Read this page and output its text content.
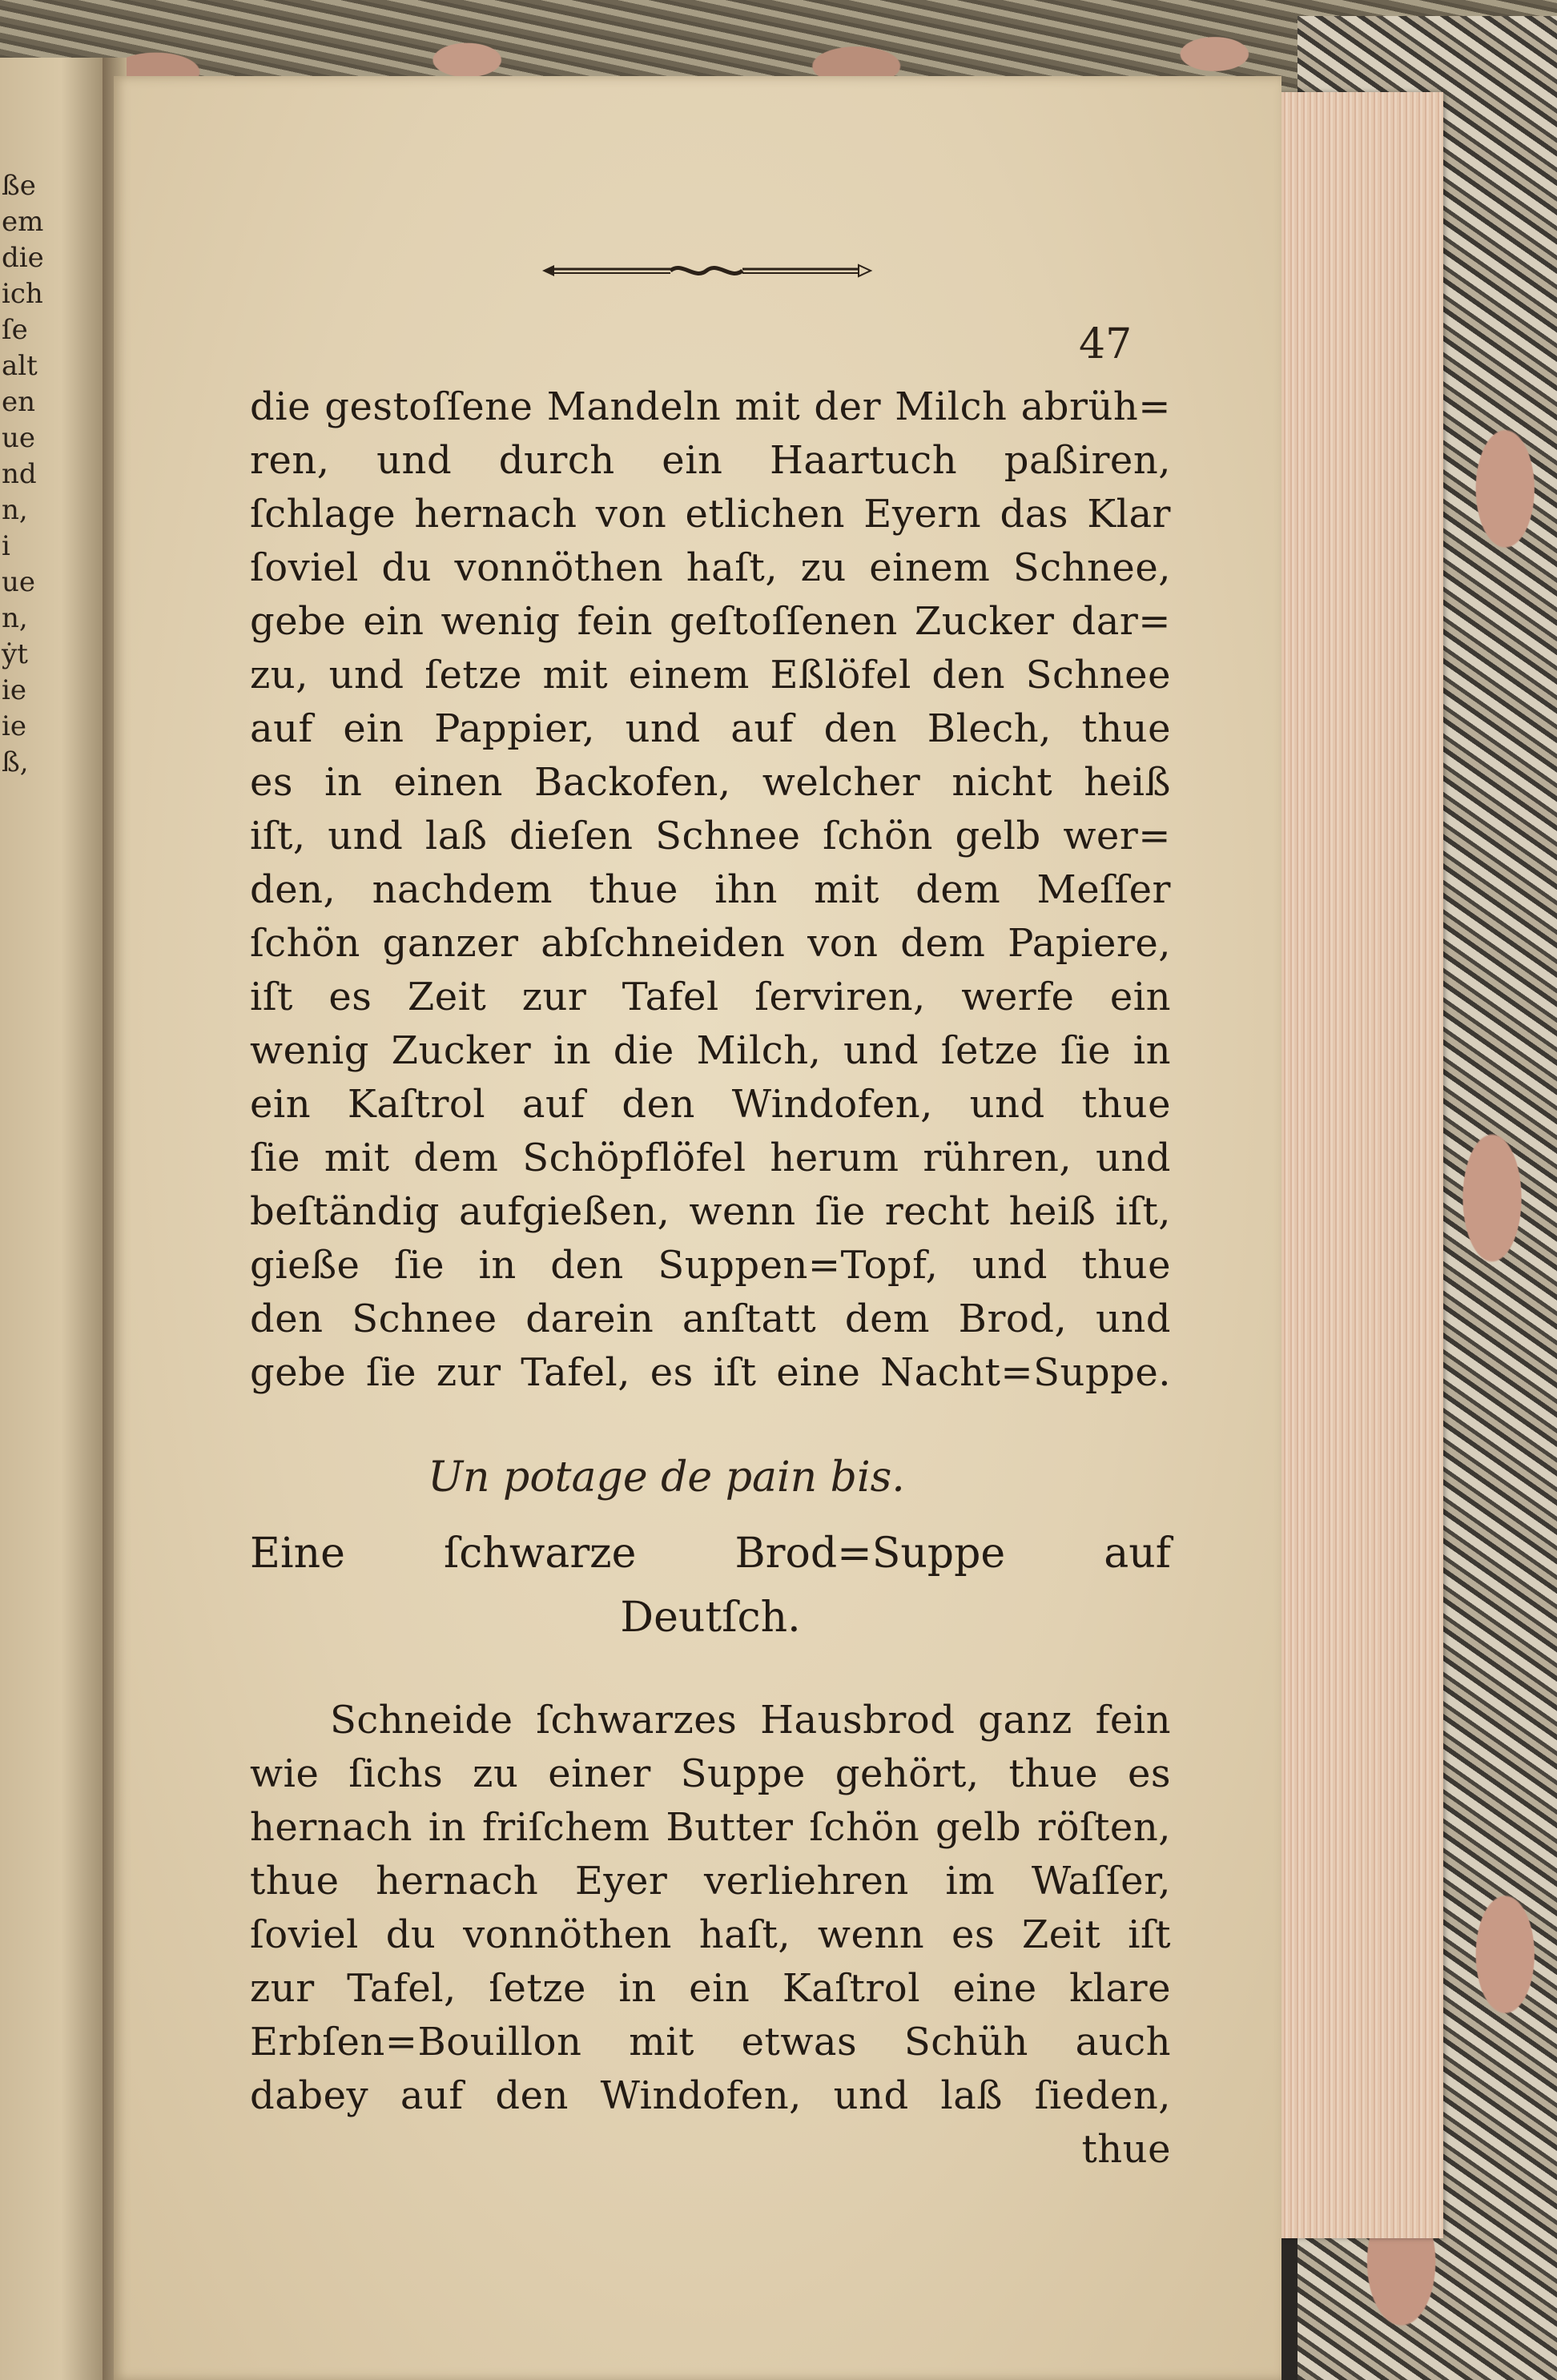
ße
em
die
ich
ſe
alt
en
ue
nd
n,
i
ue
n,
ẏt
ie
ie
ß,
47
die gestoſſene Mandeln mit der Milch abrüh=
ren, und durch ein Haartuch paßiren,
ſchlage hernach von etlichen Eyern das Klar
ſoviel du vonnöthen haſt, zu einem Schnee,
gebe ein wenig fein geſtoſſenen Zucker dar=
zu, und ſetze mit einem Eßlöfel den Schnee
auf ein Pappier, und auf den Blech, thue
es in einen Backofen, welcher nicht heiß
iſt, und laß dieſen Schnee ſchön gelb wer=
den, nachdem thue ihn mit dem Meſſer
ſchön ganzer abſchneiden von dem Papiere,
iſt es Zeit zur Tafel ſerviren, werfe ein
wenig Zucker in die Milch, und ſetze ſie in
ein Kaſtrol auf den Windofen, und thue
ſie mit dem Schöpflöfel herum rühren, und
beſtändig aufgießen, wenn ſie recht heiß iſt,
gieße ſie in den Suppen=Topf, und thue
den Schnee darein anſtatt dem Brod, und
gebe ſie zur Tafel, es iſt eine Nacht=Suppe.
Un potage de pain bis.
Eine ſchwarze Brod=Suppe auf
Deutſch.
Schneide ſchwarzes Hausbrod ganz fein
wie ſichs zu einer Suppe gehört, thue es
hernach in friſchem Butter ſchön gelb röſten,
thue hernach Eyer verliehren im Waſſer,
ſoviel du vonnöthen haſt, wenn es Zeit iſt
zur Tafel, ſetze in ein Kaſtrol eine klare
Erbſen=Bouillon mit etwas Schüh auch
dabey auf den Windofen, und laß ſieden,
thue
